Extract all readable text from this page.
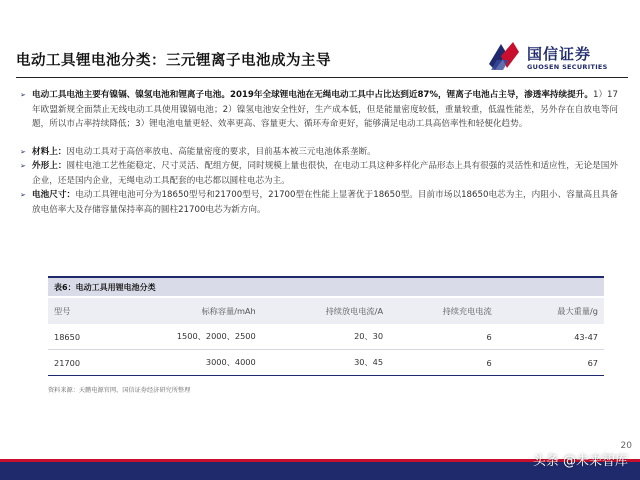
电动工具锂电池分类：三元锂离子电池成为主导	国信证券
GUOSEN SECURITIES
➢ 电动工具电池主要有镍镉、镍氢电池和锂离子电池。2019年全球锂电池在无绳电动工具中占比达到近87%，锂离子电池占主导，渗透率持续提升。1）17年欧盟新规全面禁止无线电动工具使用镍镉电池；2）镍氢电池安全性好，生产成本低，但是能量密度较低，重量较重，低温性能差，另外存在自放电等问题，所以市占率持续降低；3）锂电池电量更轻、效率更高、容量更大、循环寿命更好，能够满足电动工具高倍率性和轻便化趋势。
➢ 材料上：因电动工具对于高倍率放电、高能量密度的要求，目前基本被三元电池体系垄断。
➢ 外形上：圆柱电池工艺性能稳定、尺寸灵活、配组方便，同时规模上量也很快，在电动工具这种多样化产品形态上具有很强的灵活性和适应性，无论是国外企业，还是国内企业，无绳电动工具配套的电芯都以圆柱电芯为主。
➢ 电池尺寸：电动工具锂电池可分为18650型号和21700型号，21700型在性能上显著优于18650型。目前市场以18650电芯为主，内阻小、容量高且具备放电倍率大及存储容量保持率高的圆柱21700电芯为新方向。
表6：电动工具用锂电池分类
型号	标称容量/mAh	持续放电电流/A	持续充电电流	最大重量/g
18650	1500、2000、2500	20、30	6	43-47
21700	3000、4000	30、45	6	67
资料来源：天鹏电源官网、国信证券经济研究所整理
20
头条 @未来智库
